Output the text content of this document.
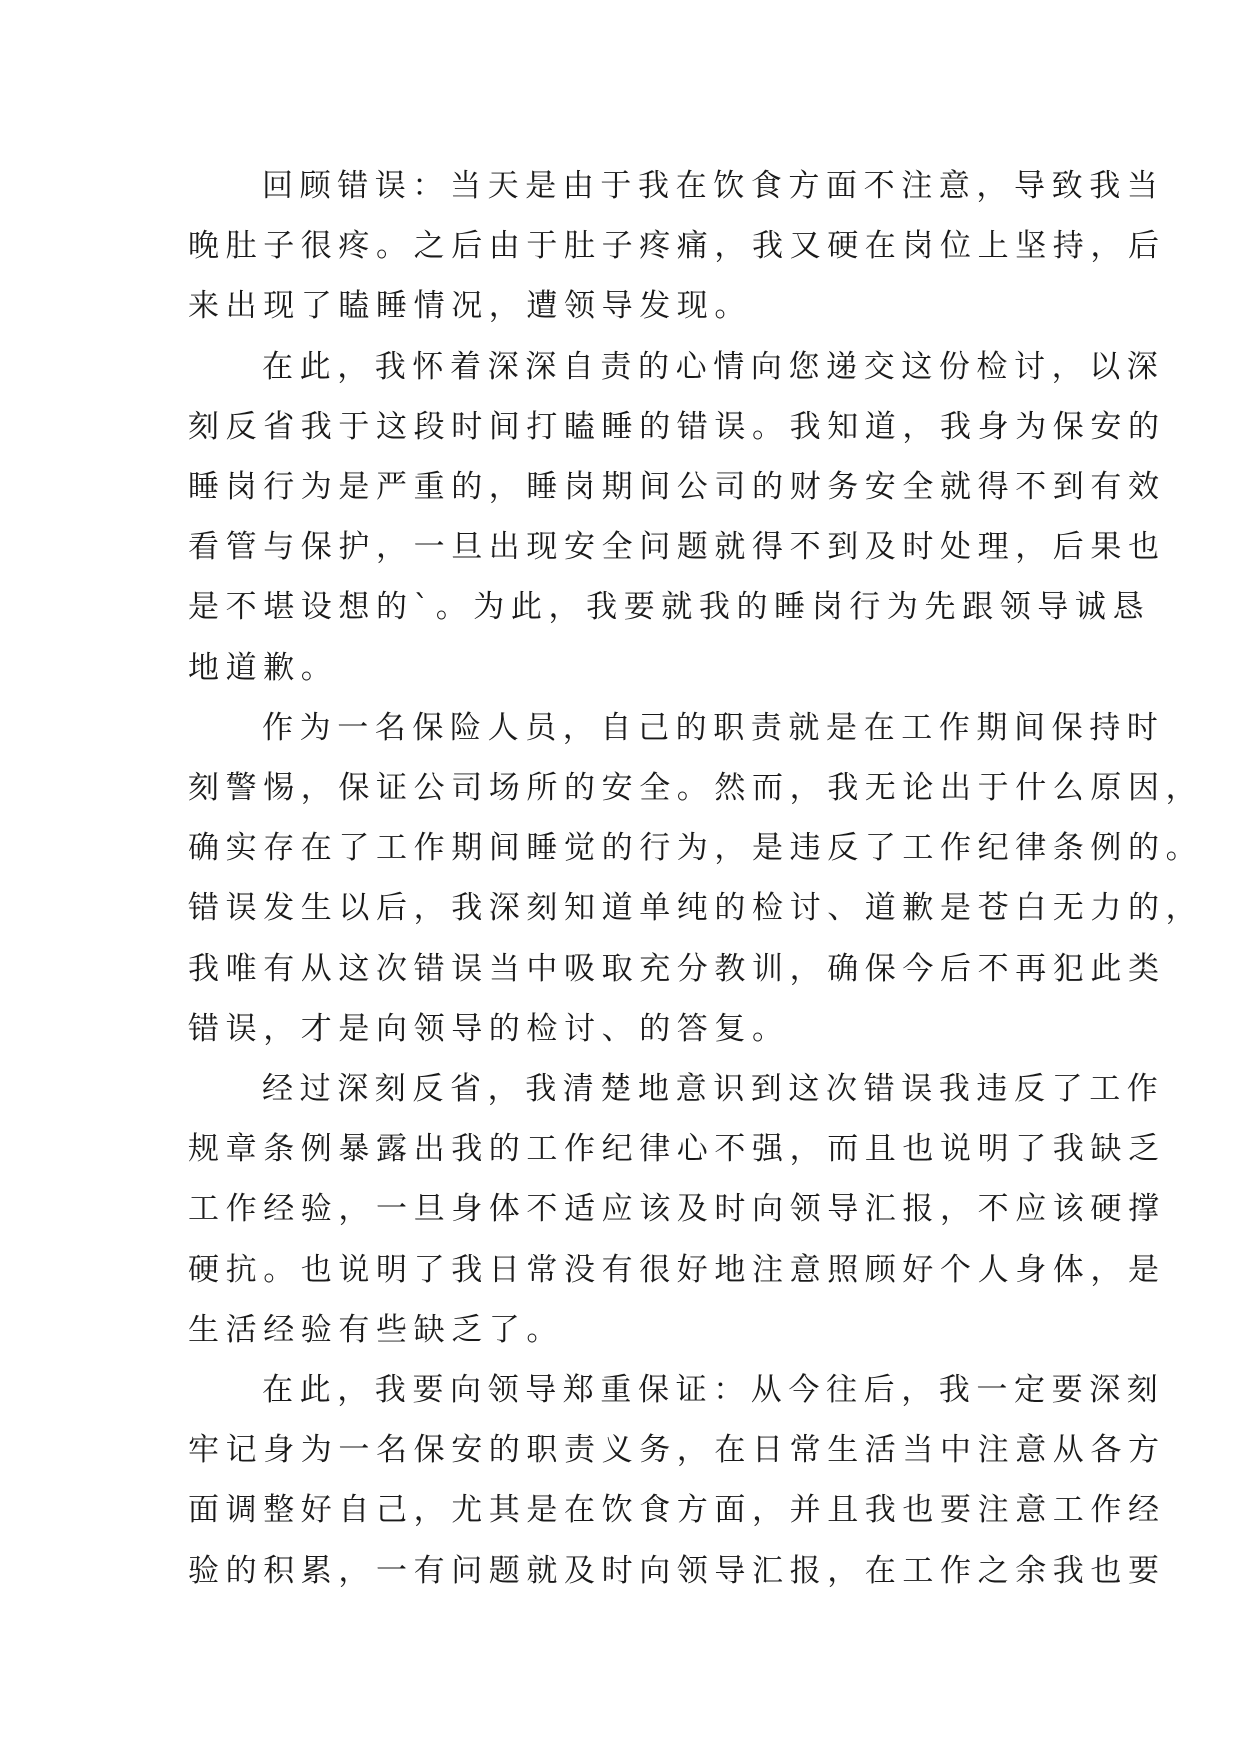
回顾错误：当天是由于我在饮食方面不注意，导致我当
晚肚子很疼。之后由于肚子疼痛，我又硬在岗位上坚持，后
来出现了瞌睡情况，遭领导发现。
在此，我怀着深深自责的心情向您递交这份检讨，以深
刻反省我于这段时间打瞌睡的错误。我知道，我身为保安的
睡岗行为是严重的，睡岗期间公司的财务安全就得不到有效
看管与保护，一旦出现安全问题就得不到及时处理，后果也
是不堪设想的`。为此，我要就我的睡岗行为先跟领导诚恳
地道歉。
作为一名保险人员，自己的职责就是在工作期间保持时
刻警惕，保证公司场所的安全。然而，我无论出于什么原因，
确实存在了工作期间睡觉的行为，是违反了工作纪律条例的。
错误发生以后，我深刻知道单纯的检讨、道歉是苍白无力的，
我唯有从这次错误当中吸取充分教训，确保今后不再犯此类
错误，才是向领导的检讨、的答复。
经过深刻反省，我清楚地意识到这次错误我违反了工作
规章条例暴露出我的工作纪律心不强，而且也说明了我缺乏
工作经验，一旦身体不适应该及时向领导汇报，不应该硬撑
硬抗。也说明了我日常没有很好地注意照顾好个人身体，是
生活经验有些缺乏了。
在此，我要向领导郑重保证：从今往后，我一定要深刻
牢记身为一名保安的职责义务，在日常生活当中注意从各方
面调整好自己，尤其是在饮食方面，并且我也要注意工作经
验的积累，一有问题就及时向领导汇报，在工作之余我也要
